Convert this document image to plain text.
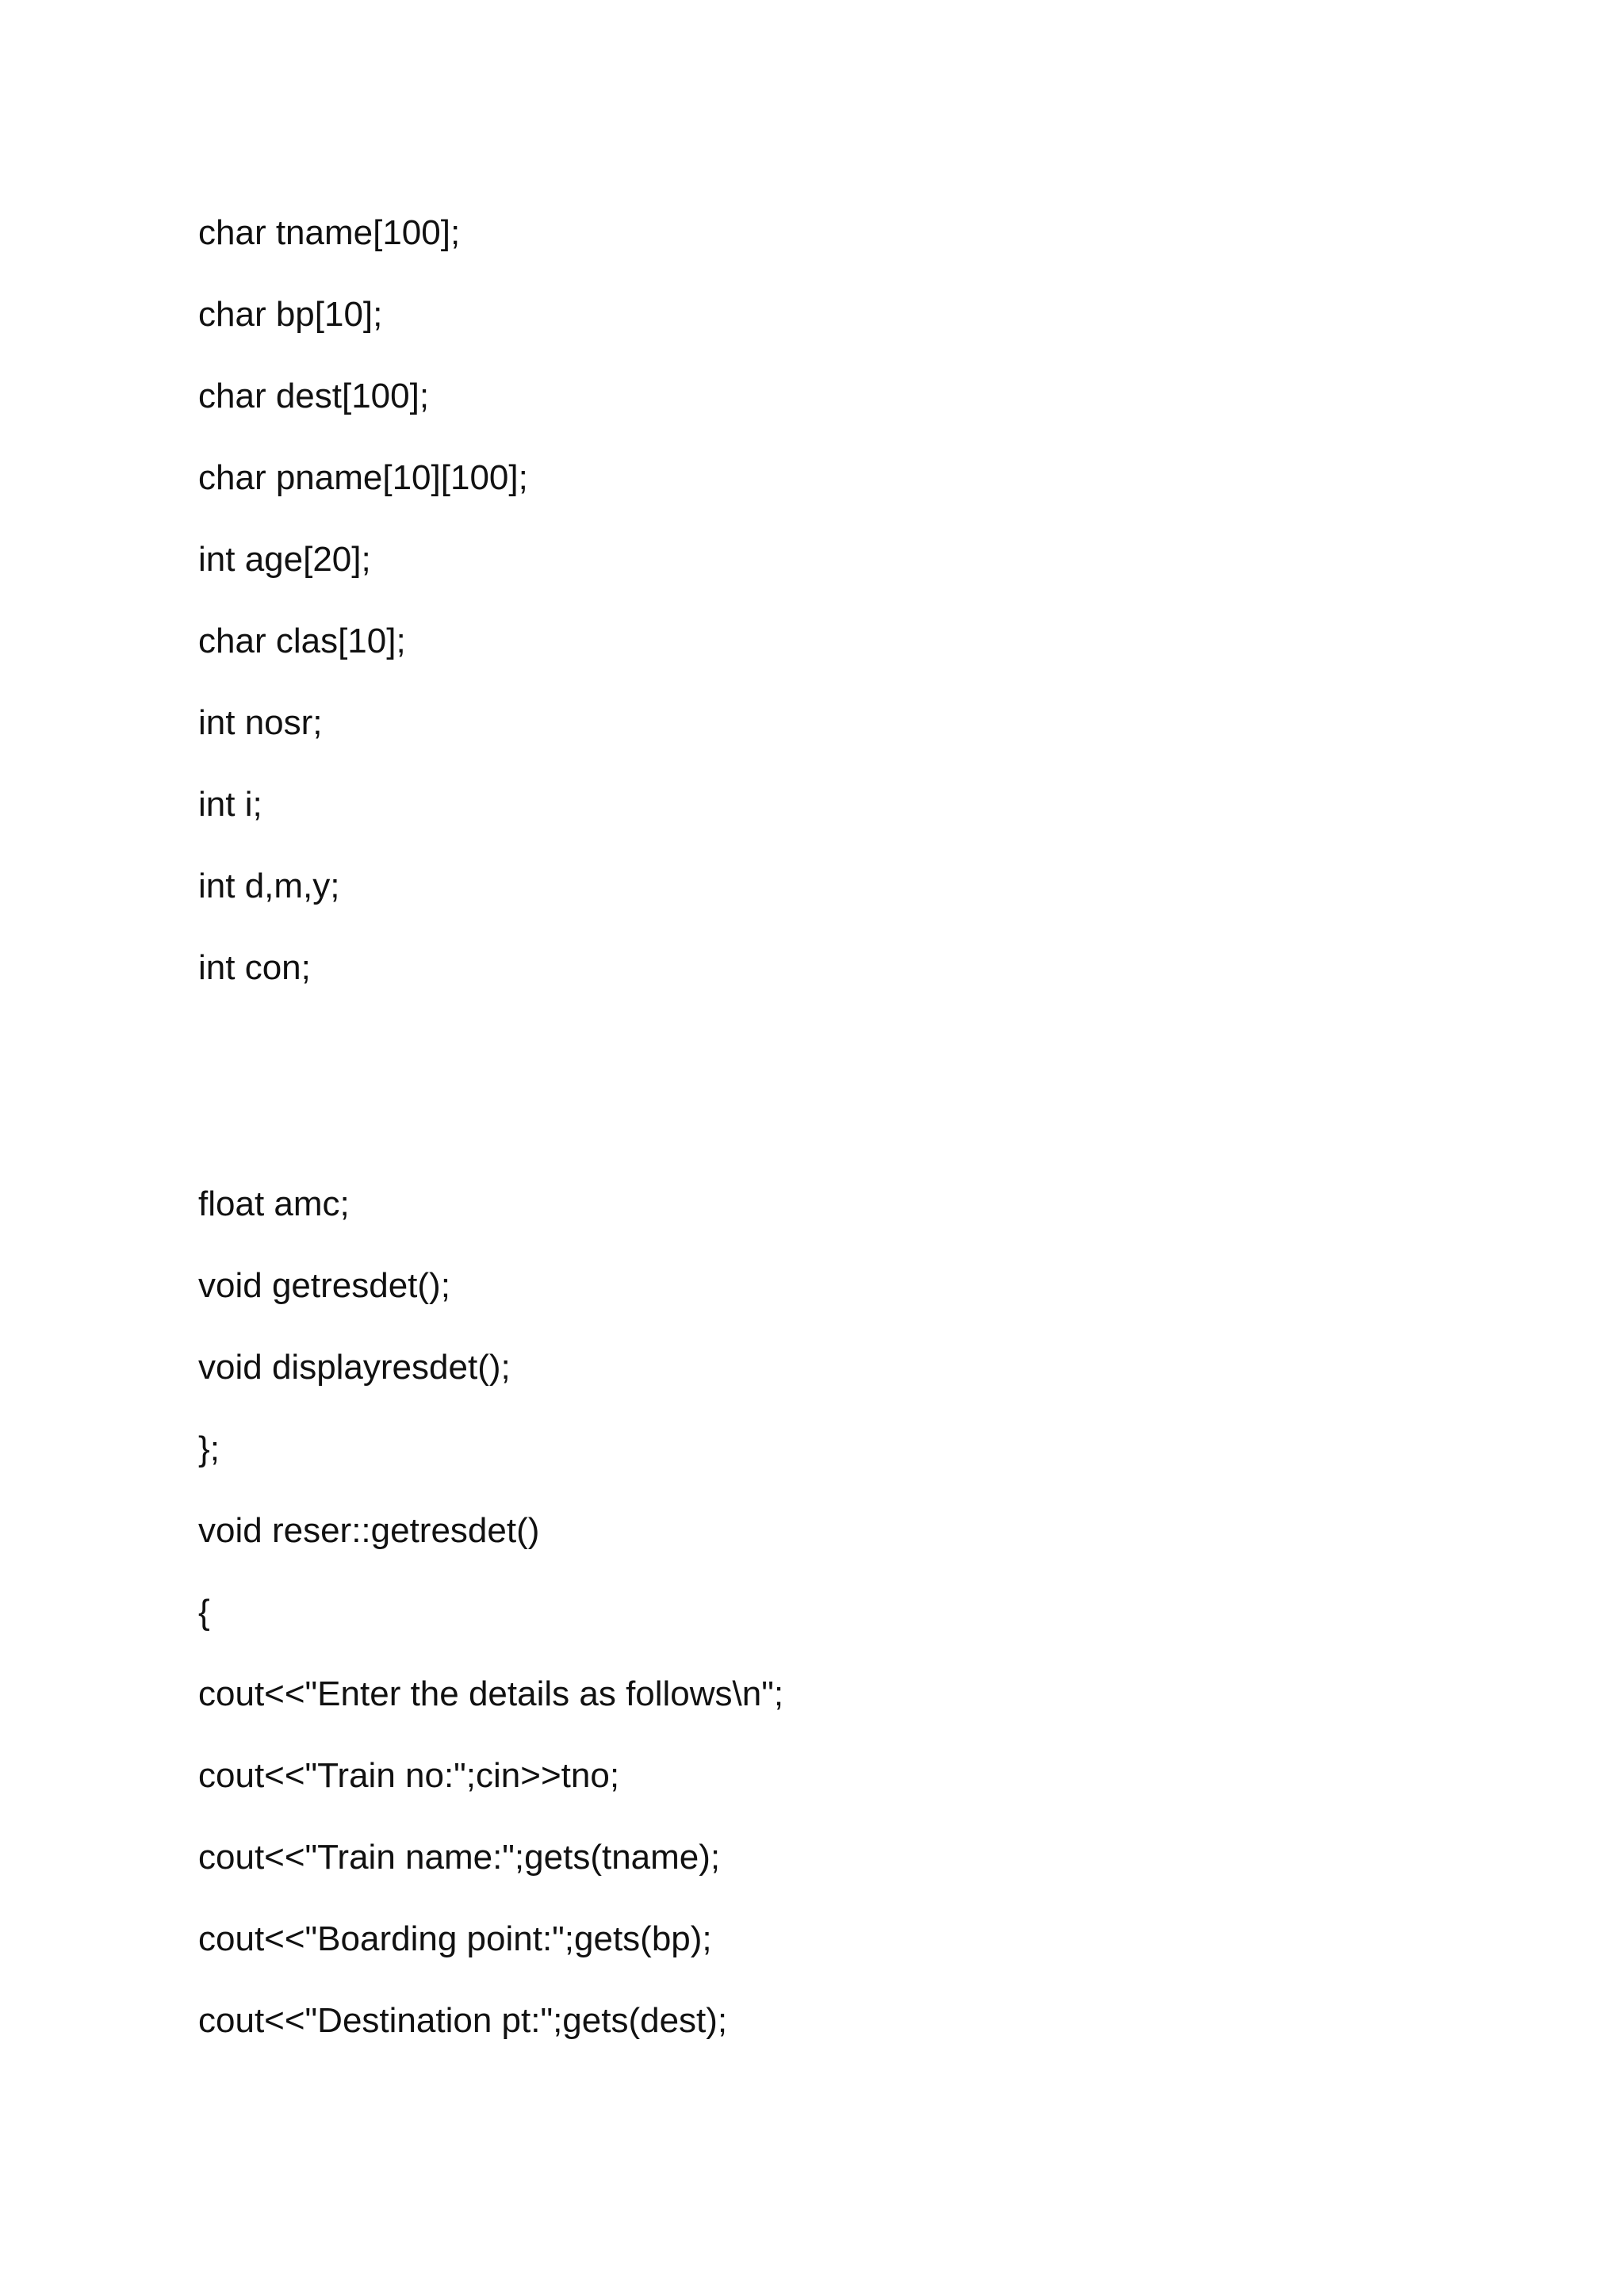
char tname[100];
char bp[10];
char dest[100];
char pname[10][100];
int age[20];
char clas[10];
int nosr;
int i;
int d,m,y;
int con;
float amc;
void getresdet();
void displayresdet();
};
void reser::getresdet()
{
cout<<"Enter the details as follows\n";
cout<<"Train no:";cin>>tno;
cout<<"Train name:";gets(tname);
cout<<"Boarding point:";gets(bp);
cout<<"Destination pt:";gets(dest);
